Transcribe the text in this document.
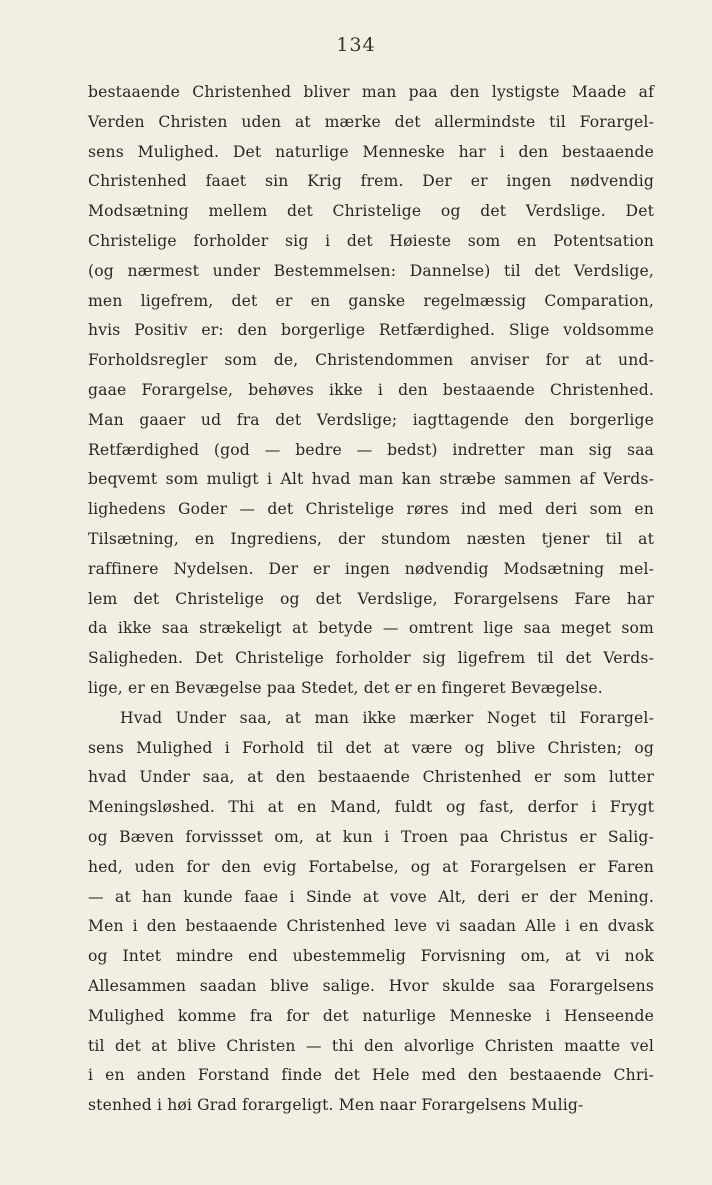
134
bestaaende Christenhed bliver man paa den lystigste Maade af
Verden Christen uden at mærke det allermindste til Forargel-
sens Mulighed. Det naturlige Menneske har i den bestaaende
Christenhed faaet sin Krig frem. Der er ingen nødvendig
Modsætning mellem det Christelige og det Verdslige. Det
Christelige forholder sig i det Høieste som en Potentsation
(og nærmest under Bestemmelsen: Dannelse) til det Verdslige,
men ligefrem, det er en ganske regelmæssig Comparation,
hvis Positiv er: den borgerlige Retfærdighed. Slige voldsomme
Forholdsregler som de, Christendommen anviser for at und-
gaae Forargelse, behøves ikke i den bestaaende Christenhed.
Man gaaer ud fra det Verdslige; iagttagende den borgerlige
Retfærdighed (god — bedre — bedst) indretter man sig saa
beqvemt som muligt i Alt hvad man kan stræbe sammen af Verds-
lighedens Goder — det Christelige røres ind med deri som en
Tilsætning, en Ingrediens, der stundom næsten tjener til at
raffinere Nydelsen. Der er ingen nødvendig Modsætning mel-
lem det Christelige og det Verdslige, Forargelsens Fare har
da ikke saa strækeligt at betyde — omtrent lige saa meget som
Saligheden. Det Christelige forholder sig ligefrem til det Verds-
lige, er en Bevægelse paa Stedet, det er en fingeret Bevægelse.
Hvad Under saa, at man ikke mærker Noget til Forargel-
sens Mulighed i Forhold til det at være og blive Christen; og
hvad Under saa, at den bestaaende Christenhed er som lutter
Meningsløshed. Thi at en Mand, fuldt og fast, derfor i Frygt
og Bæven forvissset om, at kun i Troen paa Christus er Salig-
hed, uden for den evig Fortabelse, og at Forargelsen er Faren
— at han kunde faae i Sinde at vove Alt, deri er der Mening.
Men i den bestaaende Christenhed leve vi saadan Alle i en dvask
og Intet mindre end ubestemmelig Forvisning om, at vi nok
Allesammen saadan blive salige. Hvor skulde saa Forargelsens
Mulighed komme fra for det naturlige Menneske i Henseende
til det at blive Christen — thi den alvorlige Christen maatte vel
i en anden Forstand finde det Hele med den bestaaende Chri-
stenhed i høi Grad forargeligt. Men naar Forargelsens Mulig-
